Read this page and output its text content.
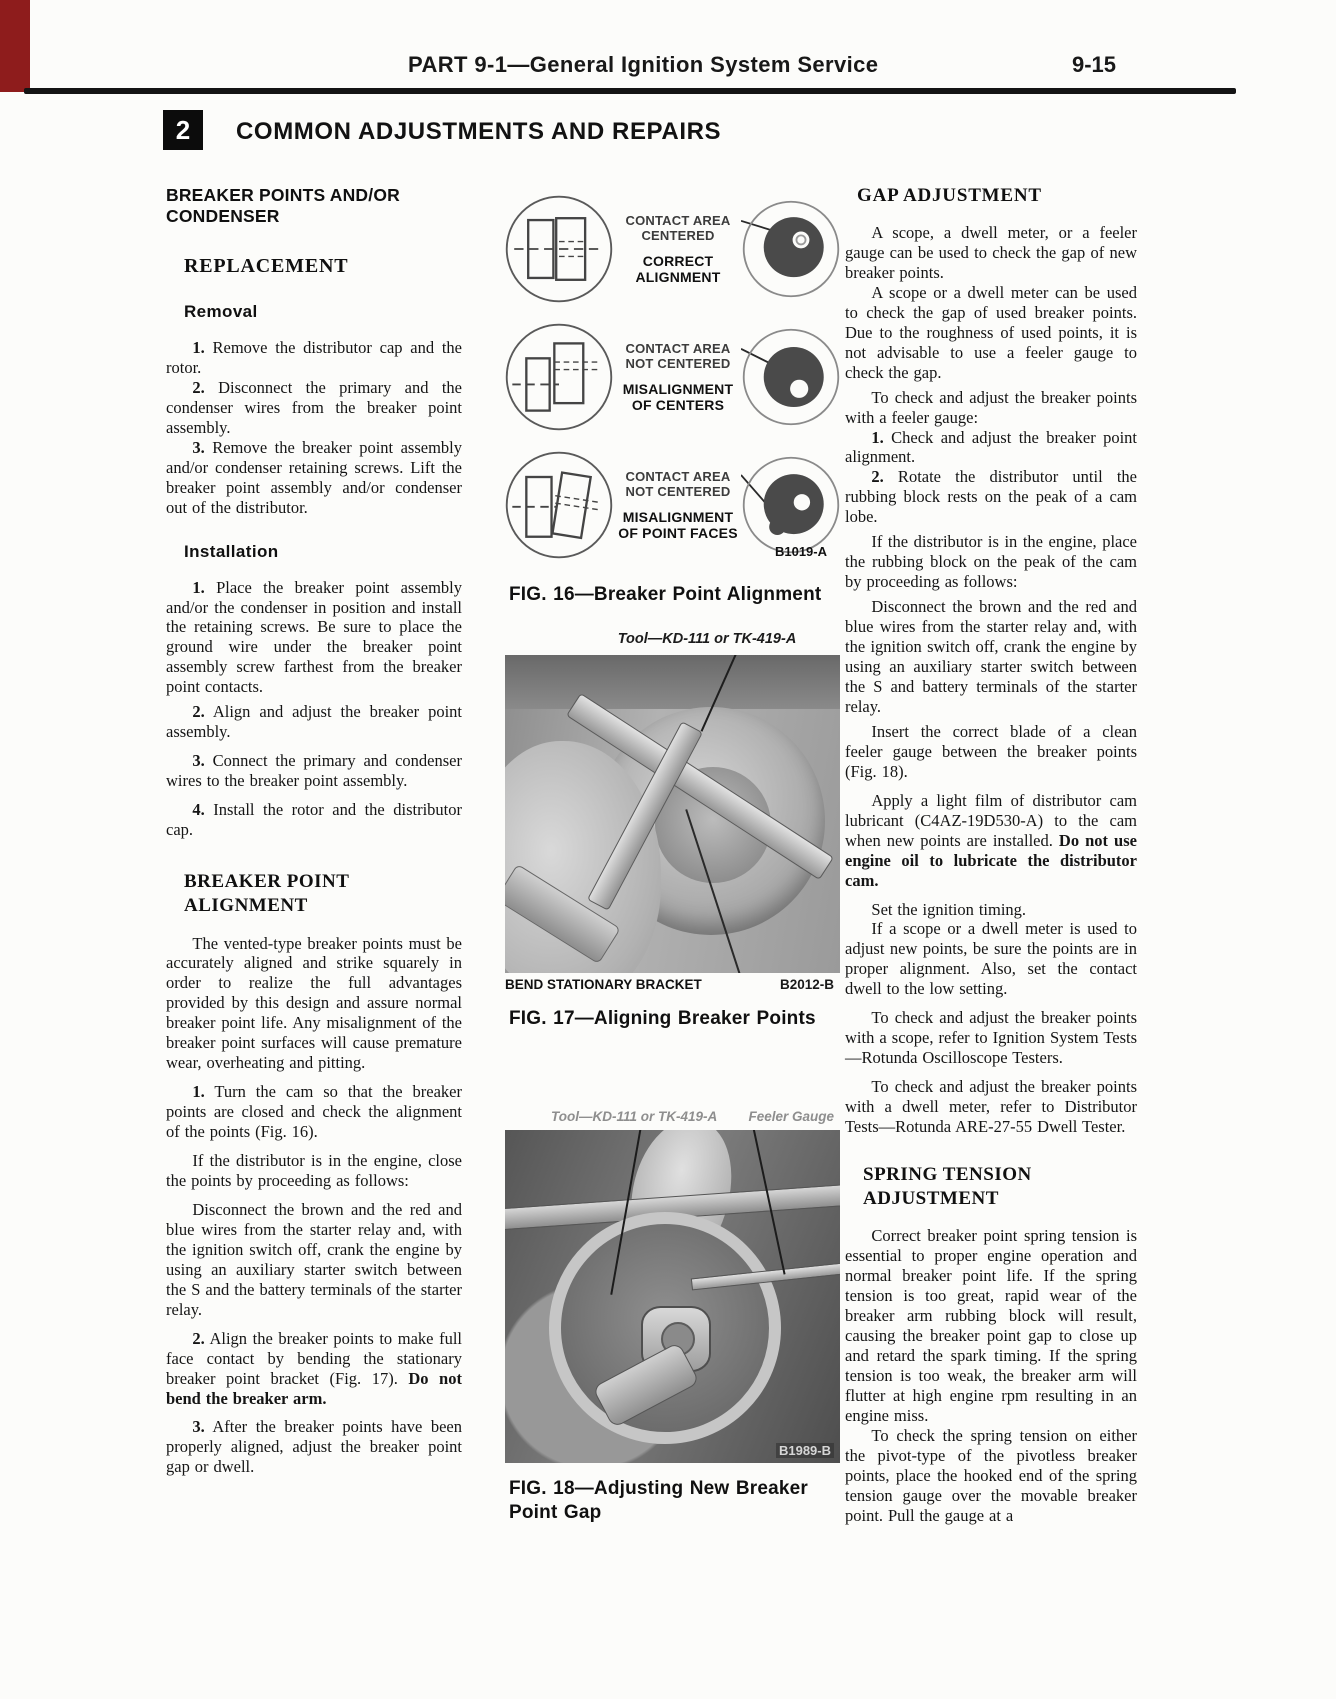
PART 9-1—General Ignition System Service	9-15
2	COMMON ADJUSTMENTS AND REPAIRS
BREAKER POINTS AND/OR CONDENSER
REPLACEMENT
Removal

1. Remove the distributor cap and the rotor.

2. Disconnect the primary and the condenser wires from the breaker point assembly.

3. Remove the breaker point assembly and/or condenser retaining screws. Lift the breaker point assembly and/or condenser out of the distributor.

Installation

1. Place the breaker point assembly and/or the condenser in position and install the retaining screws. Be sure to place the ground wire under the breaker point assembly screw farthest from the breaker point contacts.

2. Align and adjust the breaker point assembly.

3. Connect the primary and condenser wires to the breaker point assembly.

4. Install the rotor and the distributor cap.

BREAKER POINT ALIGNMENT

The vented-type breaker points must be accurately aligned and strike squarely in order to realize the full advantages provided by this design and assure normal breaker point life. Any misalignment of the breaker point surfaces will cause premature wear, overheating and pitting.

1. Turn the cam so that the breaker points are closed and check the alignment of the points (Fig. 16).

If the distributor is in the engine, close the points by proceeding as follows:

Disconnect the brown and the red and blue wires from the starter relay and, with the ignition switch off, crank the engine by using an auxiliary starter switch between the S and the battery terminals of the starter relay.

2. Align the breaker points to make full face contact by bending the stationary breaker point bracket (Fig. 17). Do not bend the breaker arm.

3. After the breaker points have been properly aligned, adjust the breaker point gap or dwell.

CONTACT AREA CENTERED
CORRECT ALIGNMENT
CONTACT AREA NOT CENTERED
MISALIGNMENT OF CENTERS
CONTACT AREA NOT CENTERED
MISALIGNMENT OF POINT FACES
B1019-A

FIG. 16—Breaker Point Alignment

Tool—KD-111 or TK-419-A
BEND STATIONARY BRACKET	B2012-B

FIG. 17—Aligning Breaker Points

Tool—KD-111 or TK-419-A Feeler Gauge
B1989-B

FIG. 18—Adjusting New Breaker Point Gap

GAP ADJUSTMENT

A scope, a dwell meter, or a feeler gauge can be used to check the gap of new breaker points.

A scope or a dwell meter can be used to check the gap of used breaker points. Due to the roughness of used points, it is not advisable to use a feeler gauge to check the gap.

To check and adjust the breaker points with a feeler gauge:

1. Check and adjust the breaker point alignment.

2. Rotate the distributor until the rubbing block rests on the peak of a cam lobe.

If the distributor is in the engine, place the rubbing block on the peak of the cam by proceeding as follows:

Disconnect the brown and the red and blue wires from the starter relay and, with the ignition switch off, crank the engine by using an auxiliary starter switch between the S and battery terminals of the starter relay.

Insert the correct blade of a clean feeler gauge between the breaker points (Fig. 18).

Apply a light film of distributor cam lubricant (C4AZ-19D530-A) to the cam when new points are installed. Do not use engine oil to lubricate the distributor cam.

Set the ignition timing.

If a scope or a dwell meter is used to adjust new points, be sure the points are in proper alignment. Also, set the contact dwell to the low setting.

To check and adjust the breaker points with a scope, refer to Ignition System Tests—Rotunda Oscilloscope Testers.

To check and adjust the breaker points with a dwell meter, refer to Distributor Tests—Rotunda ARE-27-55 Dwell Tester.

SPRING TENSION ADJUSTMENT

Correct breaker point spring tension is essential to proper engine operation and normal breaker point life. If the spring tension is too great, rapid wear of the breaker arm rubbing block will result, causing the breaker point gap to close up and retard the spark timing. If the spring tension is too weak, the breaker arm will flutter at high engine rpm resulting in an engine miss.

To check the spring tension on either the pivot-type of the pivotless breaker points, place the hooked end of the spring tension gauge over the movable breaker point. Pull the gauge at a
